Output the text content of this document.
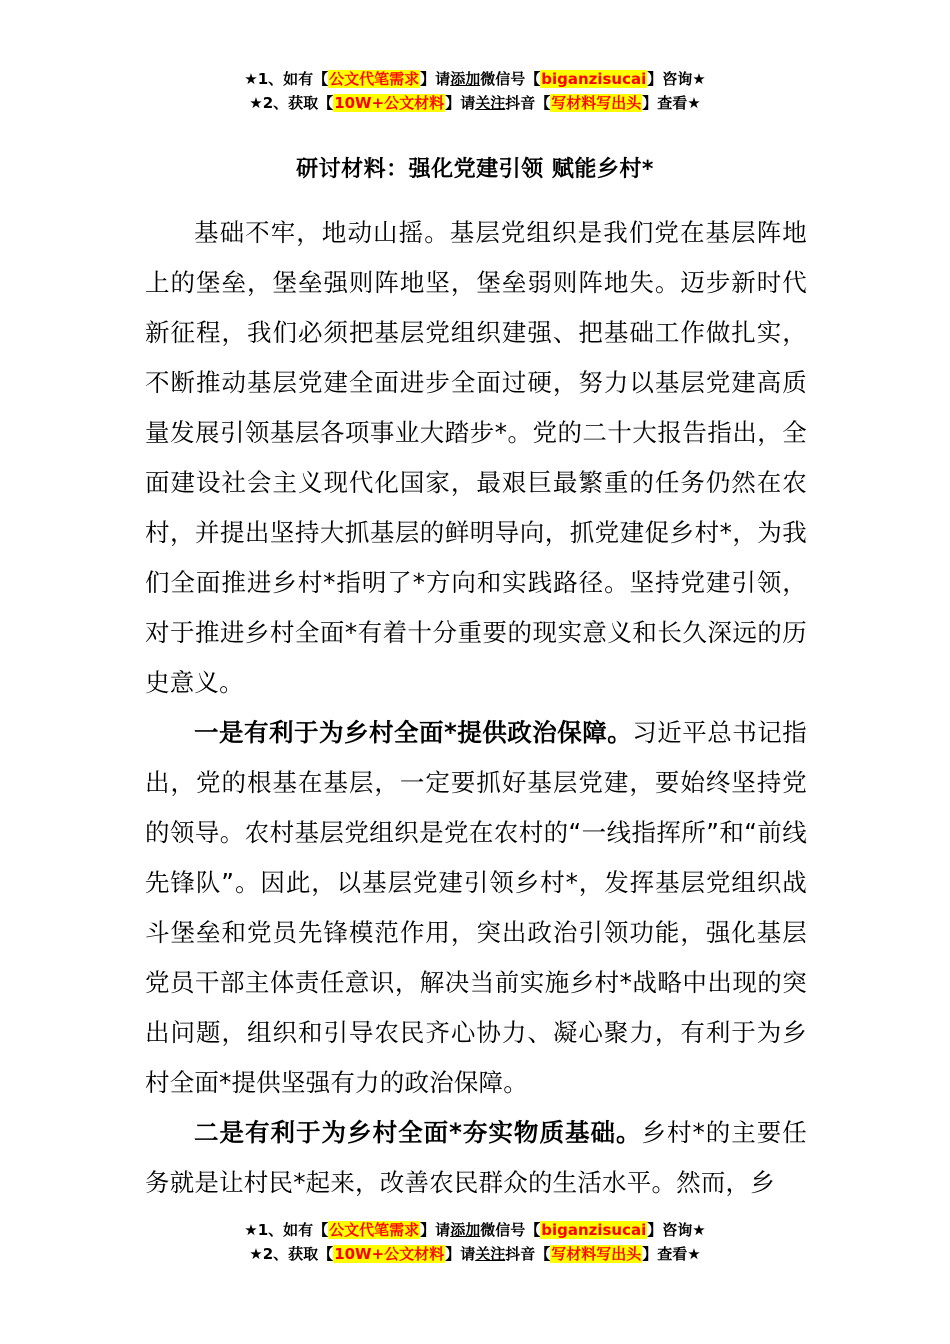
★1、如有【公文代笔需求】请添加微信号【biganzisucai】咨询★
★2、获取【10W+公文材料】请关注抖音【写材料写出头】查看★
研讨材料：强化党建引领 赋能乡村*

基础不牢，地动山摇。基层党组织是我们党在基层阵地上的堡垒，堡垒强则阵地坚，堡垒弱则阵地失。迈步新时代新征程，我们必须把基层党组织建强、把基础工作做扎实，不断推动基层党建全面进步全面过硬，努力以基层党建高质量发展引领基层各项事业大踏步*。党的二十大报告指出，全面建设社会主义现代化国家，最艰巨最繁重的任务仍然在农村，并提出坚持大抓基层的鲜明导向，抓党建促乡村*，为我们全面推进乡村*指明了*方向和实践路径。坚持党建引领，对于推进乡村全面*有着十分重要的现实意义和长久深远的历史意义。

一是有利于为乡村全面*提供政治保障。习近平总书记指出，党的根基在基层，一定要抓好基层党建，要始终坚持党的领导。农村基层党组织是党在农村的“一线指挥所”和“前线先锋队”。因此，以基层党建引领乡村*，发挥基层党组织战斗堡垒和党员先锋模范作用，突出政治引领功能，强化基层党员干部主体责任意识，解决当前实施乡村*战略中出现的突出问题，组织和引导农民齐心协力、凝心聚力，有利于为乡村全面*提供坚强有力的政治保障。

二是有利于为乡村全面*夯实物质基础。乡村*的主要任务就是让村民*起来，改善农民群众的生活水平。然而，乡

★1、如有【公文代笔需求】请添加微信号【biganzisucai】咨询★
★2、获取【10W+公文材料】请关注抖音【写材料写出头】查看★
